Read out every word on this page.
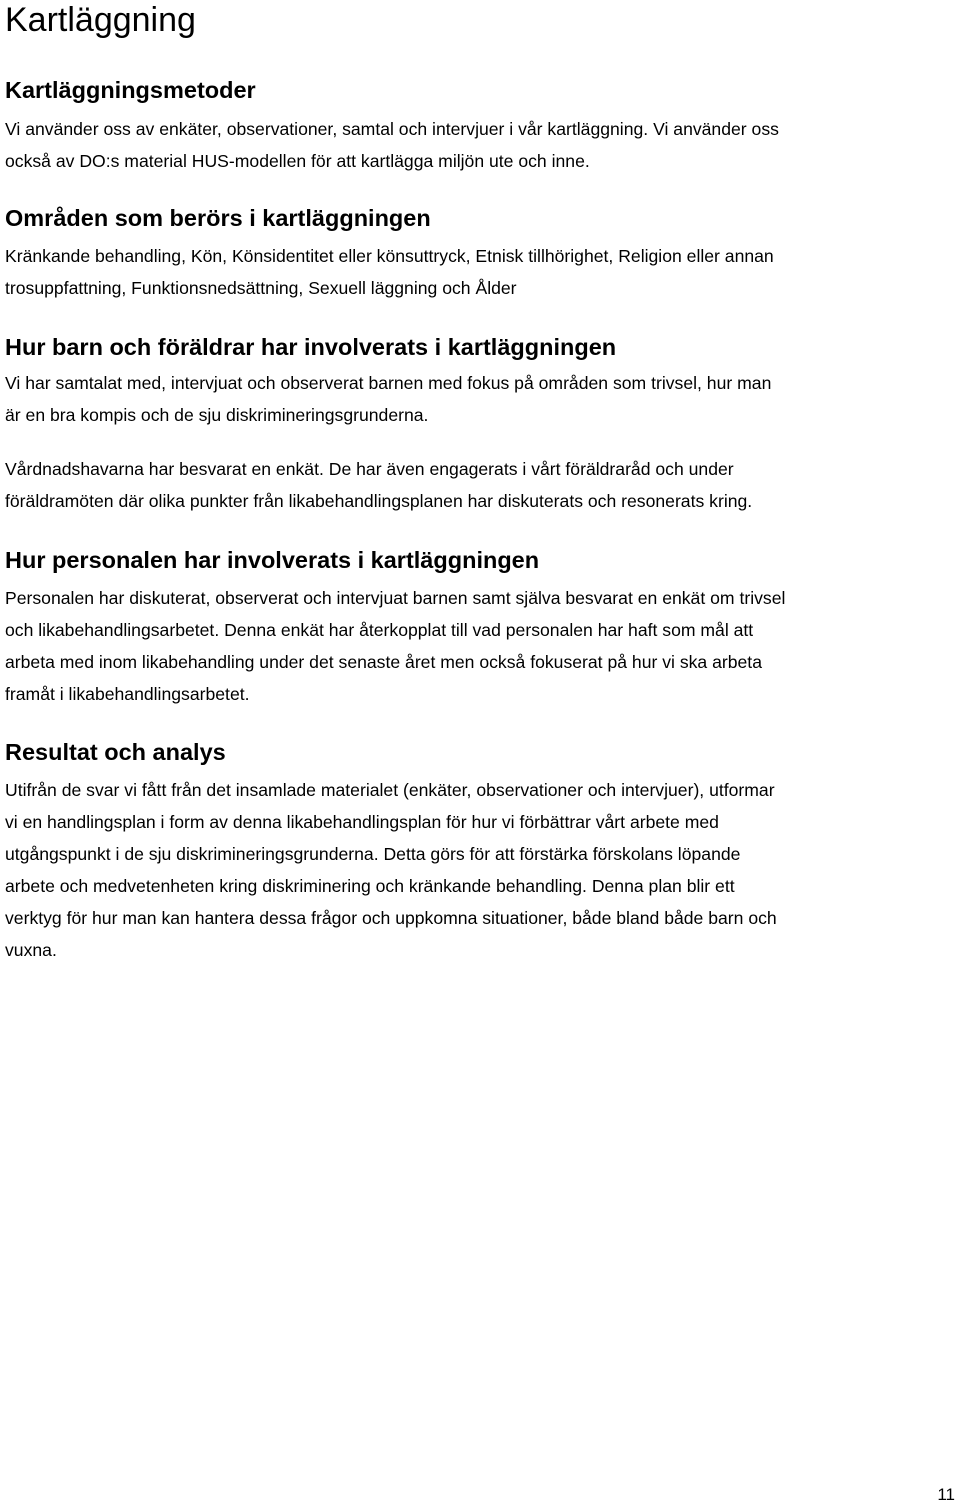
Kartläggning
Kartläggningsmetoder

Vi använder oss av enkäter, observationer, samtal och intervjuer i vår kartläggning. Vi använder oss
också av DO:s material HUS-modellen för att kartlägga miljön ute och inne.

Områden som berörs i kartläggningen

Kränkande behandling, Kön, Könsidentitet eller könsuttryck, Etnisk tillhörighet, Religion eller annan
trosuppfattning, Funktionsnedsättning, Sexuell läggning och Ålder

Hur barn och föräldrar har involverats i kartläggningen

Vi har samtalat med, intervjuat och observerat barnen med fokus på områden som trivsel, hur man
är en bra kompis och de sju diskrimineringsgrunderna.

Vårdnadshavarna har besvarat en enkät. De har även engagerats i vårt föräldraråd och under
föräldramöten där olika punkter från likabehandlingsplanen har diskuterats och resonerats kring.

Hur personalen har involverats i kartläggningen

Personalen har diskuterat, observerat och intervjuat barnen samt själva besvarat en enkät om trivsel
och likabehandlingsarbetet. Denna enkät har återkopplat till vad personalen har haft som mål att
arbeta med inom likabehandling under det senaste året men också fokuserat på hur vi ska arbeta
framåt i likabehandlingsarbetet.

Resultat och analys

Utifrån de svar vi fått från det insamlade materialet (enkäter, observationer och intervjuer), utformar
vi en handlingsplan i form av denna likabehandlingsplan för hur vi förbättrar vårt arbete med
utgångspunkt i de sju diskrimineringsgrunderna. Detta görs för att förstärka förskolans löpande
arbete och medvetenheten kring diskriminering och kränkande behandling. Denna plan blir ett
verktyg för hur man kan hantera dessa frågor och uppkomna situationer, både bland både barn och
vuxna.

11
